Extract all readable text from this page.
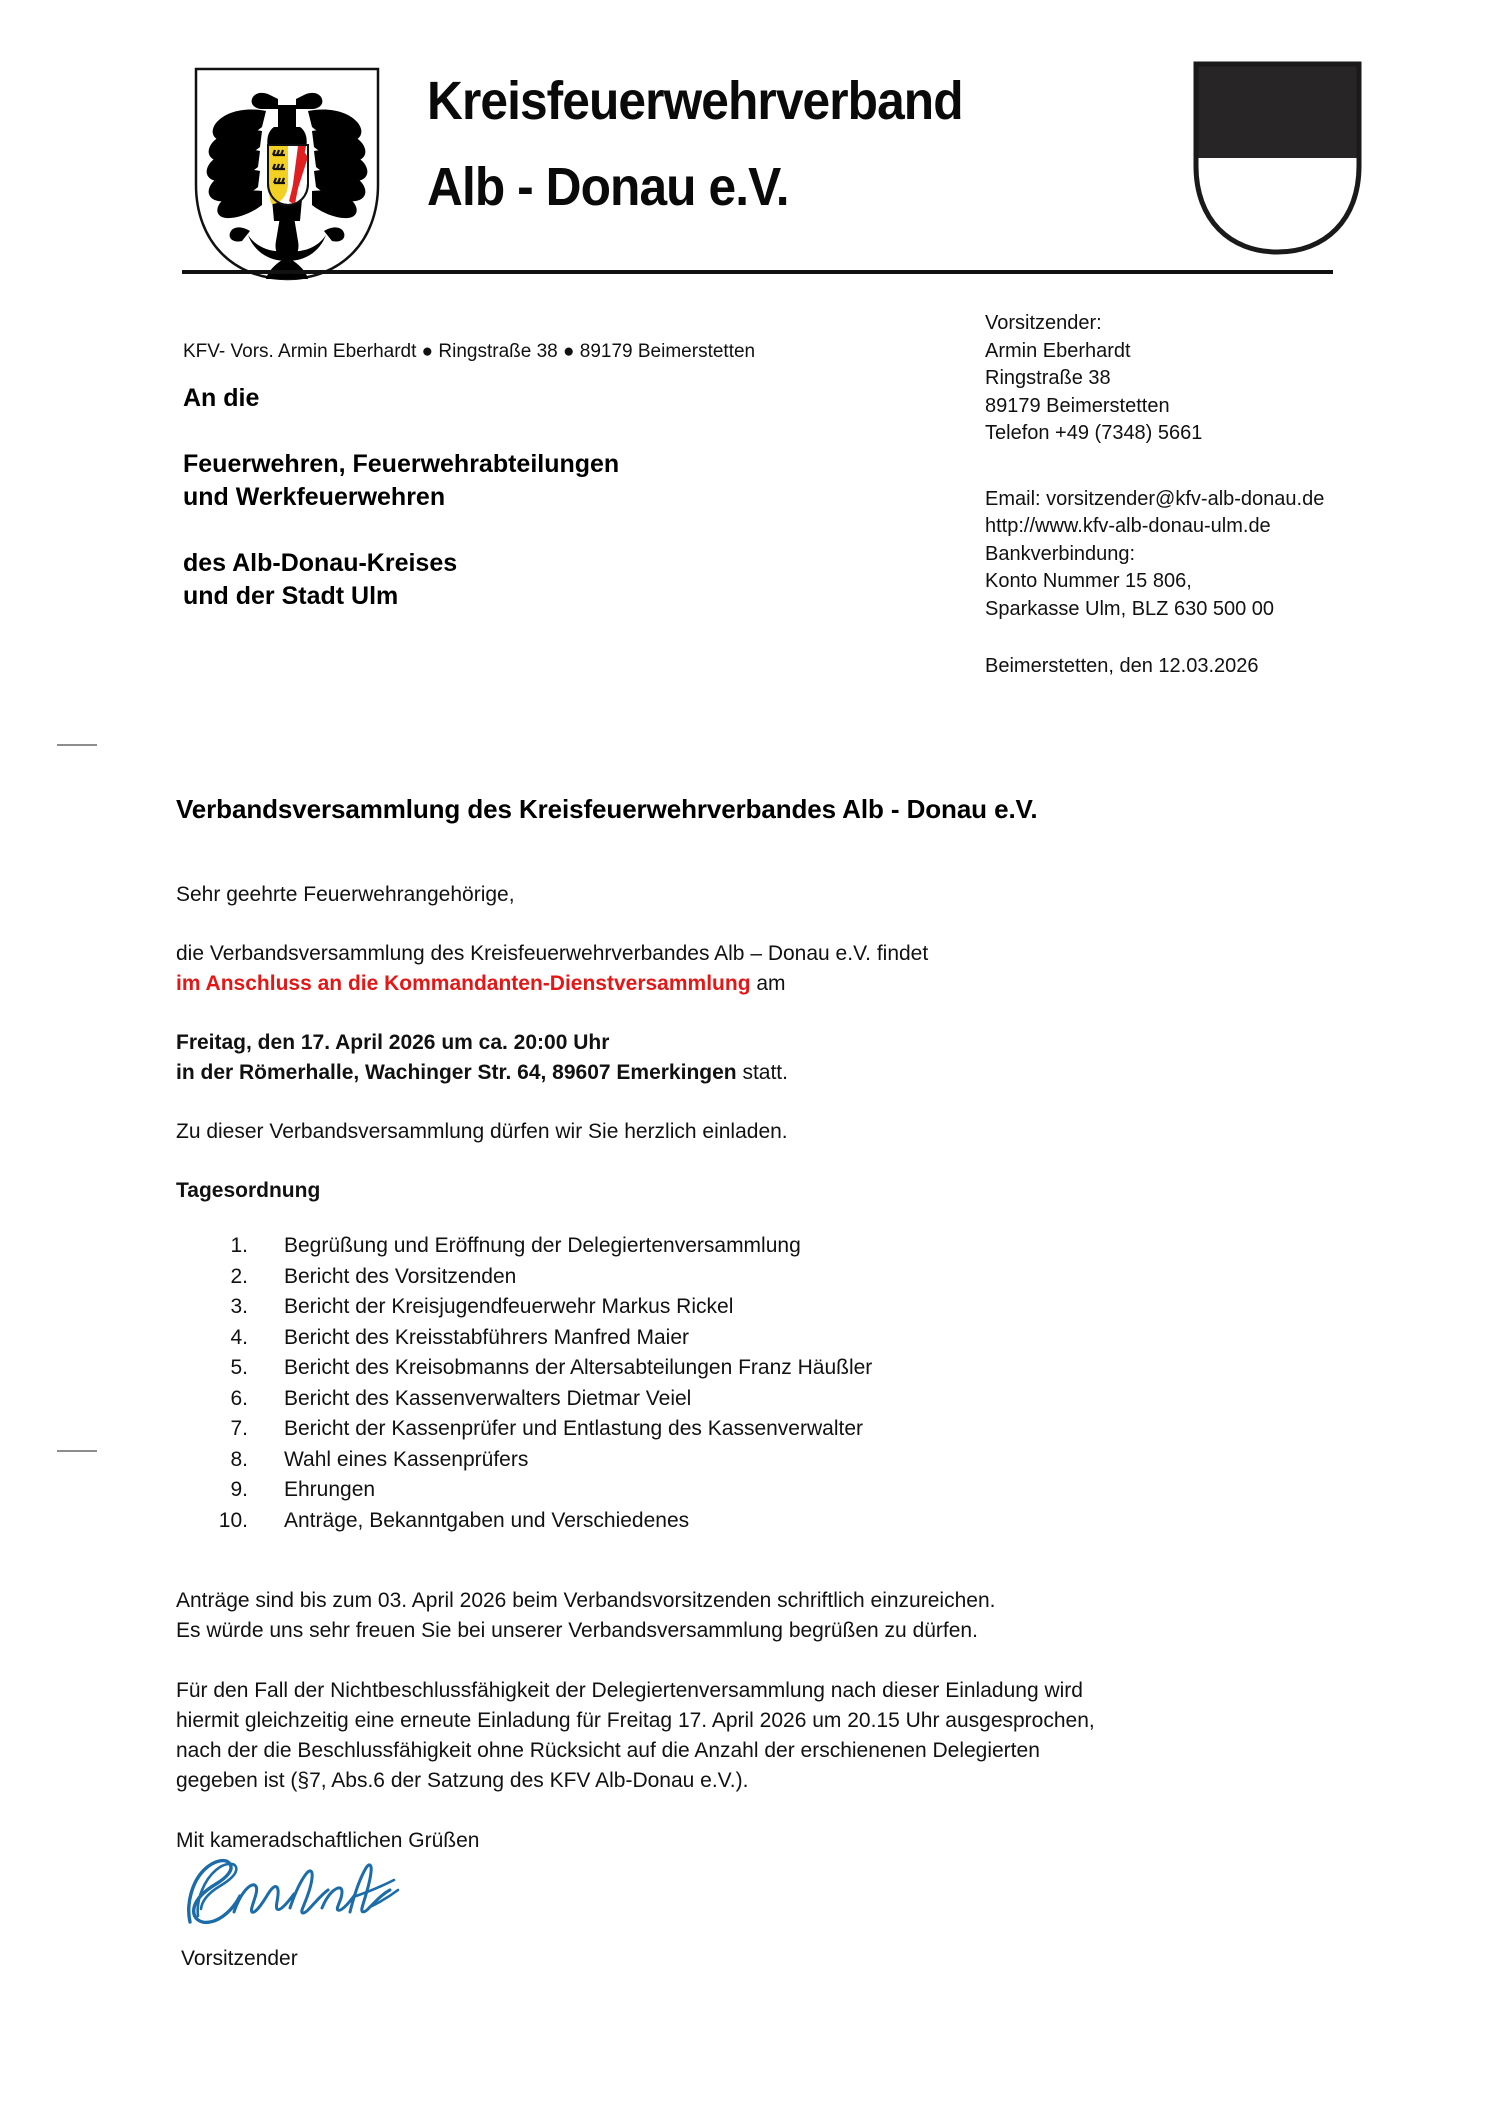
Kreisfeuerwehrverband
Alb - Donau e.V.
KFV- Vors. Armin Eberhardt ● Ringstraße 38 ● 89179 Beimerstetten
An die
Feuerwehren, Feuerwehrabteilungen
und Werkfeuerwehren
des Alb-Donau-Kreises
und der Stadt Ulm
Vorsitzender:
Armin Eberhardt
Ringstraße 38
89179 Beimerstetten
Telefon +49 (7348) 5661
Email: vorsitzender@kfv-alb-donau.de
http://www.kfv-alb-donau-ulm.de
Bankverbindung:
Konto Nummer 15 806,
Sparkasse Ulm, BLZ 630 500 00
Beimerstetten, den 12.03.2026
Verbandsversammlung des Kreisfeuerwehrverbandes Alb - Donau e.V.

Sehr geehrte Feuerwehrangehörige,

die Verbandsversammlung des Kreisfeuerwehrverbandes Alb – Donau e.V. findet

im Anschluss an die Kommandanten-Dienstversammlung am

Freitag, den 17. April 2026 um ca. 20:00 Uhr

in der Römerhalle, Wachinger Str. 64, 89607 Emerkingen statt.

Zu dieser Verbandsversammlung dürfen wir Sie herzlich einladen.

Tagesordnung

1.	Begrüßung und Eröffnung der Delegiertenversammlung
2.	Bericht des Vorsitzenden
3.	Bericht der Kreisjugendfeuerwehr Markus Rickel
4.	Bericht des Kreisstabführers Manfred Maier
5.	Bericht des Kreisobmanns der Altersabteilungen Franz Häußler
6.	Bericht des Kassenverwalters Dietmar Veiel
7.	Bericht der Kassenprüfer und Entlastung des Kassenverwalter
8.	Wahl eines Kassenprüfers
9.	Ehrungen
10.	Anträge, Bekanntgaben und Verschiedenes

Anträge sind bis zum 03. April 2026 beim Verbandsvorsitzenden schriftlich einzureichen.

Es würde uns sehr freuen Sie bei unserer Verbandsversammlung begrüßen zu dürfen.

Für den Fall der Nichtbeschlussfähigkeit der Delegiertenversammlung nach dieser Einladung wird

hiermit gleichzeitig eine erneute Einladung für Freitag 17. April 2026 um 20.15 Uhr ausgesprochen,

nach der die Beschlussfähigkeit ohne Rücksicht auf die Anzahl der erschienenen Delegierten

gegeben ist (§7, Abs.6 der Satzung des KFV Alb-Donau e.V.).

Mit kameradschaftlichen Grüßen

Vorsitzender
